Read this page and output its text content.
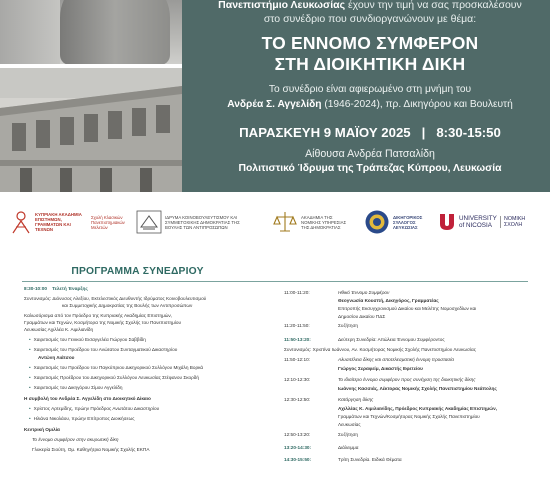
Πανεπιστήμιο Λευκωσίας έχουν την τιμή να σας προσκαλέσουν
στο συνέδριο που συνδιοργανώνουν με θέμα:
ΤΟ ΕΝΝΟΜΟ ΣΥΜΦΕΡΟΝ
ΣΤΗ ΔΙΟΙΚΗΤΙΚΗ ΔΙΚΗ
Το συνέδριο είναι αφιερωμένο στη μνήμη του
Ανδρέα Σ. Αγγελίδη (1946-2024), πρ. Δικηγόρου και Βουλευτή
ΠΑΡΑΣΚΕΥΗ 9 ΜΑΪΟΥ 2025 | 8:30-15:50
Αίθουσα Ανδρέα Πατσαλίδη
Πολιτιστικό Ίδρυμα της Τράπεζας Κύπρου, Λευκωσία
ΚΥΠΡΙΑΚΗ ΑΚΑΔΗΜΙΑ ΕΠΙΣΤΗΜΩΝ, ΓΡΑΜΜΑΤΩΝ ΚΑΙ ΤΕΧΝΩΝ
Σχολή Κλασικών Πανεπιστημιακών Μελετών
ΙΔΡΥΜΑ ΚΟΙΝΟΒΟΥΛΕΥΤΙΣΜΟΥ ΚΑΙ ΣΥΜΜΕΤΟΧΙΚΗΣ ΔΗΜΟΚΡΑΤΙΑΣ ΤΗΣ ΒΟΥΛΗΣ ΤΩΝ ΑΝΤΙΠΡΟΣΩΠΩΝ
ΑΚΑΔΗΜΙΑ ΤΗΣ ΝΟΜΙΚΗΣ ΥΠΗΡΕΣΙΑΣ ΤΗΣ ΔΗΜΟΚΡΑΤΙΑΣ
ΔΙΚΗΓΟΡΙΚΟΣ ΣΥΛΛΟΓΟΣ ΛΕΥΚΩΣΙΑΣ
UNIVERSITY of NICOSIA
ΝΟΜΙΚΗ ΣΧΟΛΗ
ΠΡΟΓΡΑΜΜΑ ΣΥΝΕΔΡΙΟΥ
8:30-10:00 Τελετή Έναρξης
Συντονισμός: Διόνυσος Αλεξίου, Εκτελεστικός Διευθυντής Ιδρύματος Κοινοβουλευτισμού
και Συμμετοχικής Δημοκρατίας της Βουλής των Αντιπροσώπων
Καλωσόρισμα από τον Πρόεδρο της Κυπριακής Ακαδημίας Επιστημών,
Γραμμάτων και Τεχνών, Κοσμήτορα της Νομικής Σχολής του Πανεπιστημίου
Λευκωσίας Αχιλλέα Κ. Αιμιλιανίδη
• Χαιρετισμός του Γενικού Εισαγγελέα Γιώργου Σαββίδη
• Χαιρετισμός του Προέδρου του Ανώτατου Συνταγματικού Δικαστηρίου
Αντώνη Λιάτσου
• Χαιρετισμός του Προέδρου του Παγκύπριου Δικηγορικού Συλλόγου Μιχάλη Βορκά
• Χαιρετισμός Προέδρου του Δικηγορικού Συλλόγου Λευκωσίας Στέφανου Σκορδή
• Χαιρετισμός του Δικηγόρου Σίμου Αγγελίδη
Η συμβολή του Ανδρέα Σ. Αγγελίδη στο Διοικητικό Δίκαιο
• Χρίστος Αρτεμίδης, πρώην Πρόεδρος Ανωτάτου Δικαστηρίου
• Ηλιάνα Νικολάου, πρώην Επίτροπος Διοικήσεως
Κεντρική Ομιλία
Το έννομο συμφέρον στην ακυρωτική δίκη
Γλυκερία Σιούτη, Ομ. Καθηγήτρια Νομικής Σχολής ΕΚΠΑ
11:00-11:20:	Ηθικό Έννομο Συμφέρον
Θεογνωσία Κουσπή, Δικηγόρος, Γραμματέας
Επιτροπής Εκσυγχρονισμού Δικαίου και Μελέτης Νομοσχεδίων και
Δημοσίου Δικαίου ΠΔΣ
11:20-11:50:	Συζήτηση
11:50-13:20:	Δεύτερη Συνεδρία: Απώλεια Έννομου Συμφέροντος
Συντονισμός: Χριστίνα Ιωάννου, Αν. Κοσμήτορας Νομικής Σχολής Πανεπιστημίου Λευκωσίας
11:50-12:10:	Αλυσιτέλεια δίκης και αποτελεσματική έννομη προστασία
Γιώργος Σεραφείμ, Δικαστής Εφετείου
12:10-12:30:	Το ιδιαίτερο έννομο συμφέρον προς συνέχιση της διοικητικής δίκης
Ιωάννης Κασσιάς, Λέκτορας Νομικής Σχολής Πανεπιστημίου Νεάπολης
12:30-12:50:	Κατάργηση δίκης
Αχιλλέας Κ. Αιμιλιανίδης, Πρόεδρος Κυπριακής Ακαδημίας Επιστημών,
Γραμμάτων και Τεχνών/Κοσμήτορας Νομικής Σχολής Πανεπιστημίου
Λευκωσίας
12:50-13:20:	Συζήτηση
13:20-14:30:	Διάλειμμα
14:30-15:50:	Τρίτη Συνεδρία. Ειδικά Θέματα
